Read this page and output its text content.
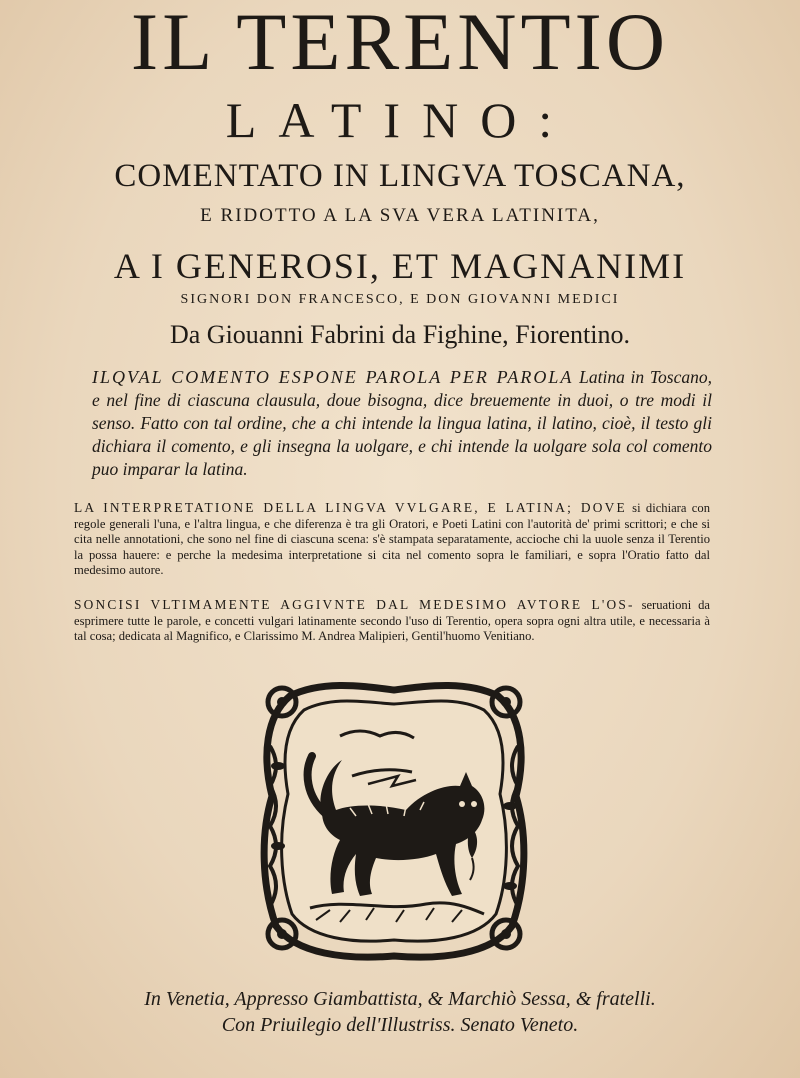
IL TERENTIO
LATINO:
COMENTATO IN LINGVA TOSCANA,
E RIDOTTO A LA SVA VERA LATINITA,
A I GENEROSI, ET MAGNANIMI
SIGNORI DON FRANCESCO, E DON GIOVANNI MEDICI
Da Giouanni Fabrini da Fighine, Fiorentino.
ILQVAL COMENTO ESPONE PAROLA PER PAROLA Latina in Toscano, e nel fine di ciascuna clausula, doue bisogna, dice breuemente in duoi, o tre modi il senso. Fatto con tal ordine, che a chi intende la lingua latina, il latino, cioè, il testo gli dichiara il comento, e gli insegna la uolgare, e chi intende la uolgare sola col comento puo imparar la latina.
LA INTERPRETATIONE DELLA LINGVA VVLGARE, E LATINA; DOVE si dichiara con regole generali l'una, e l'altra lingua, e che diferenza è tra gli Oratori, e Poeti Latini con l'autorità de' primi scrittori; e che si cita nelle annotationi, che sono nel fine di ciascuna scena: s'è stampata separatamente, accioche chi la uuole senza il Terentio la possa hauere: e perche la medesima interpretatione si cita nel comento sopra le familiari, e sopra l'Oratio fatto dal medesimo autore.
SONCISI VLTIMAMENTE AGGIVNTE DAL MEDESIMO AVTORE L'OS- seruationi da esprimere tutte le parole, e concetti vulgari latinamente secondo l'uso di Terentio, opera sopra ogni altra utile, e necessaria à tal cosa; dedicata al Magnifico, e Clarissimo M. Andrea Malipieri, Gentil'huomo Venitiano.
In Venetia, Appresso Giambattista, & Marchiò Sessa, & fratelli.
Con Priuilegio dell'Illustriss. Senato Veneto.
